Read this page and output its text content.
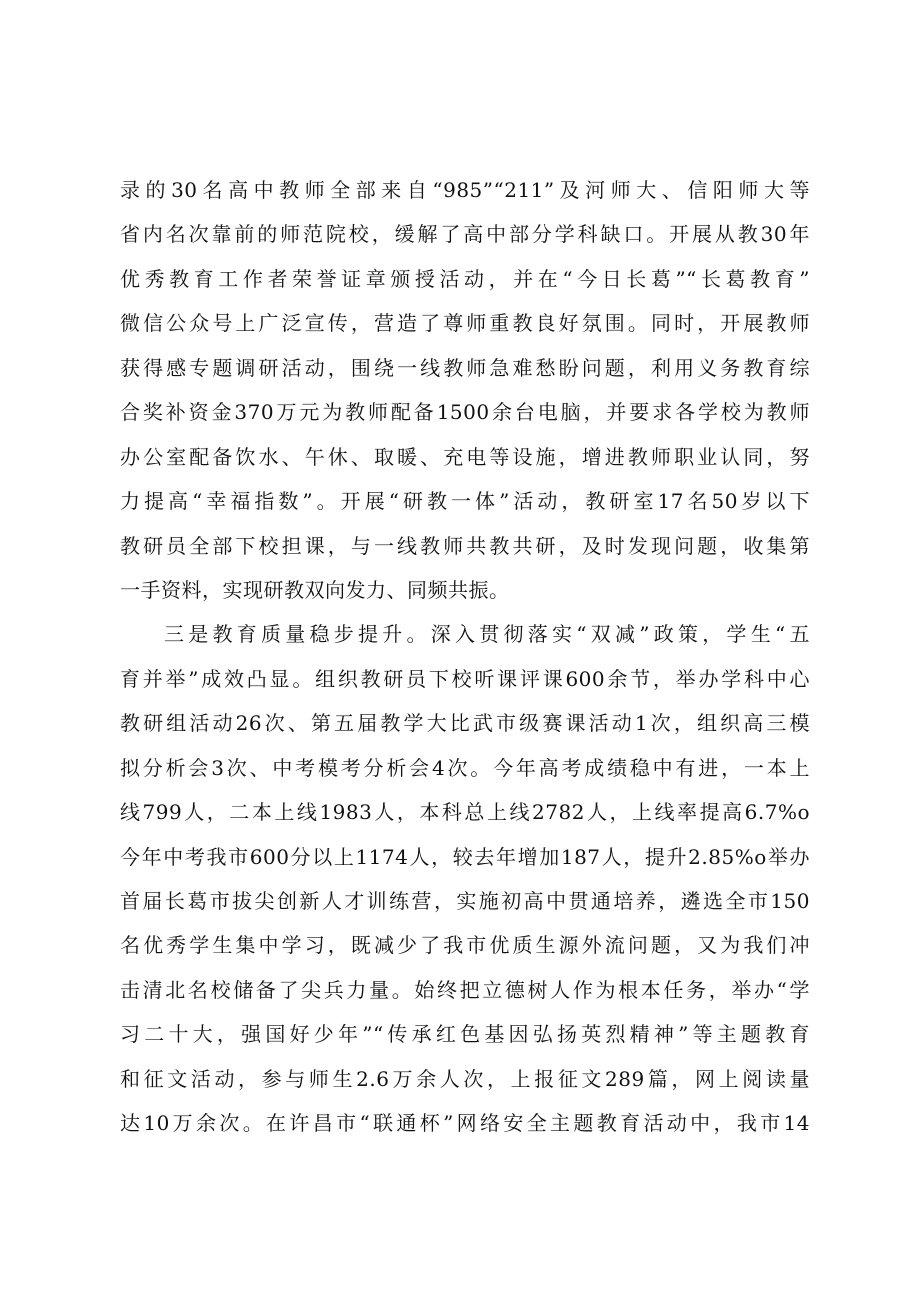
录的30名高中教师全部来自“985”“211”及河师大、信阳师大等
省内名次靠前的师范院校，缓解了高中部分学科缺口。开展从教30年
优秀教育工作者荣誉证章颁授活动，并在“今日长葛”“长葛教育”
微信公众号上广泛宣传，营造了尊师重教良好氛围。同时，开展教师
获得感专题调研活动，围绕一线教师急难愁盼问题，利用义务教育综
合奖补资金370万元为教师配备1500余台电脑，并要求各学校为教师
办公室配备饮水、午休、取暖、充电等设施，增进教师职业认同，努
力提高“幸福指数”。开展“研教一体”活动，教研室17名50岁以下
教研员全部下校担课，与一线教师共教共研，及时发现问题，收集第
一手资料，实现研教双向发力、同频共振。
三是教育质量稳步提升。深入贯彻落实“双减”政策，学生“五
育并举”成效凸显。组织教研员下校听课评课600余节，举办学科中心
教研组活动26次、第五届教学大比武市级赛课活动1次，组织高三模
拟分析会3次、中考模考分析会4次。今年高考成绩稳中有进，一本上
线799人，二本上线1983人，本科总上线2782人，上线率提高6.7%o
今年中考我市600分以上1174人，较去年增加187人，提升2.85%o举办
首届长葛市拔尖创新人才训练营，实施初高中贯通培养，遴选全市150
名优秀学生集中学习，既减少了我市优质生源外流问题，又为我们冲
击清北名校储备了尖兵力量。始终把立德树人作为根本任务，举办“学
习二十大，强国好少年”“传承红色基因弘扬英烈精神”等主题教育
和征文活动，参与师生2.6万余人次，上报征文289篇，网上阅读量
达10万余次。在许昌市“联通杯”网络安全主题教育活动中，我市14
